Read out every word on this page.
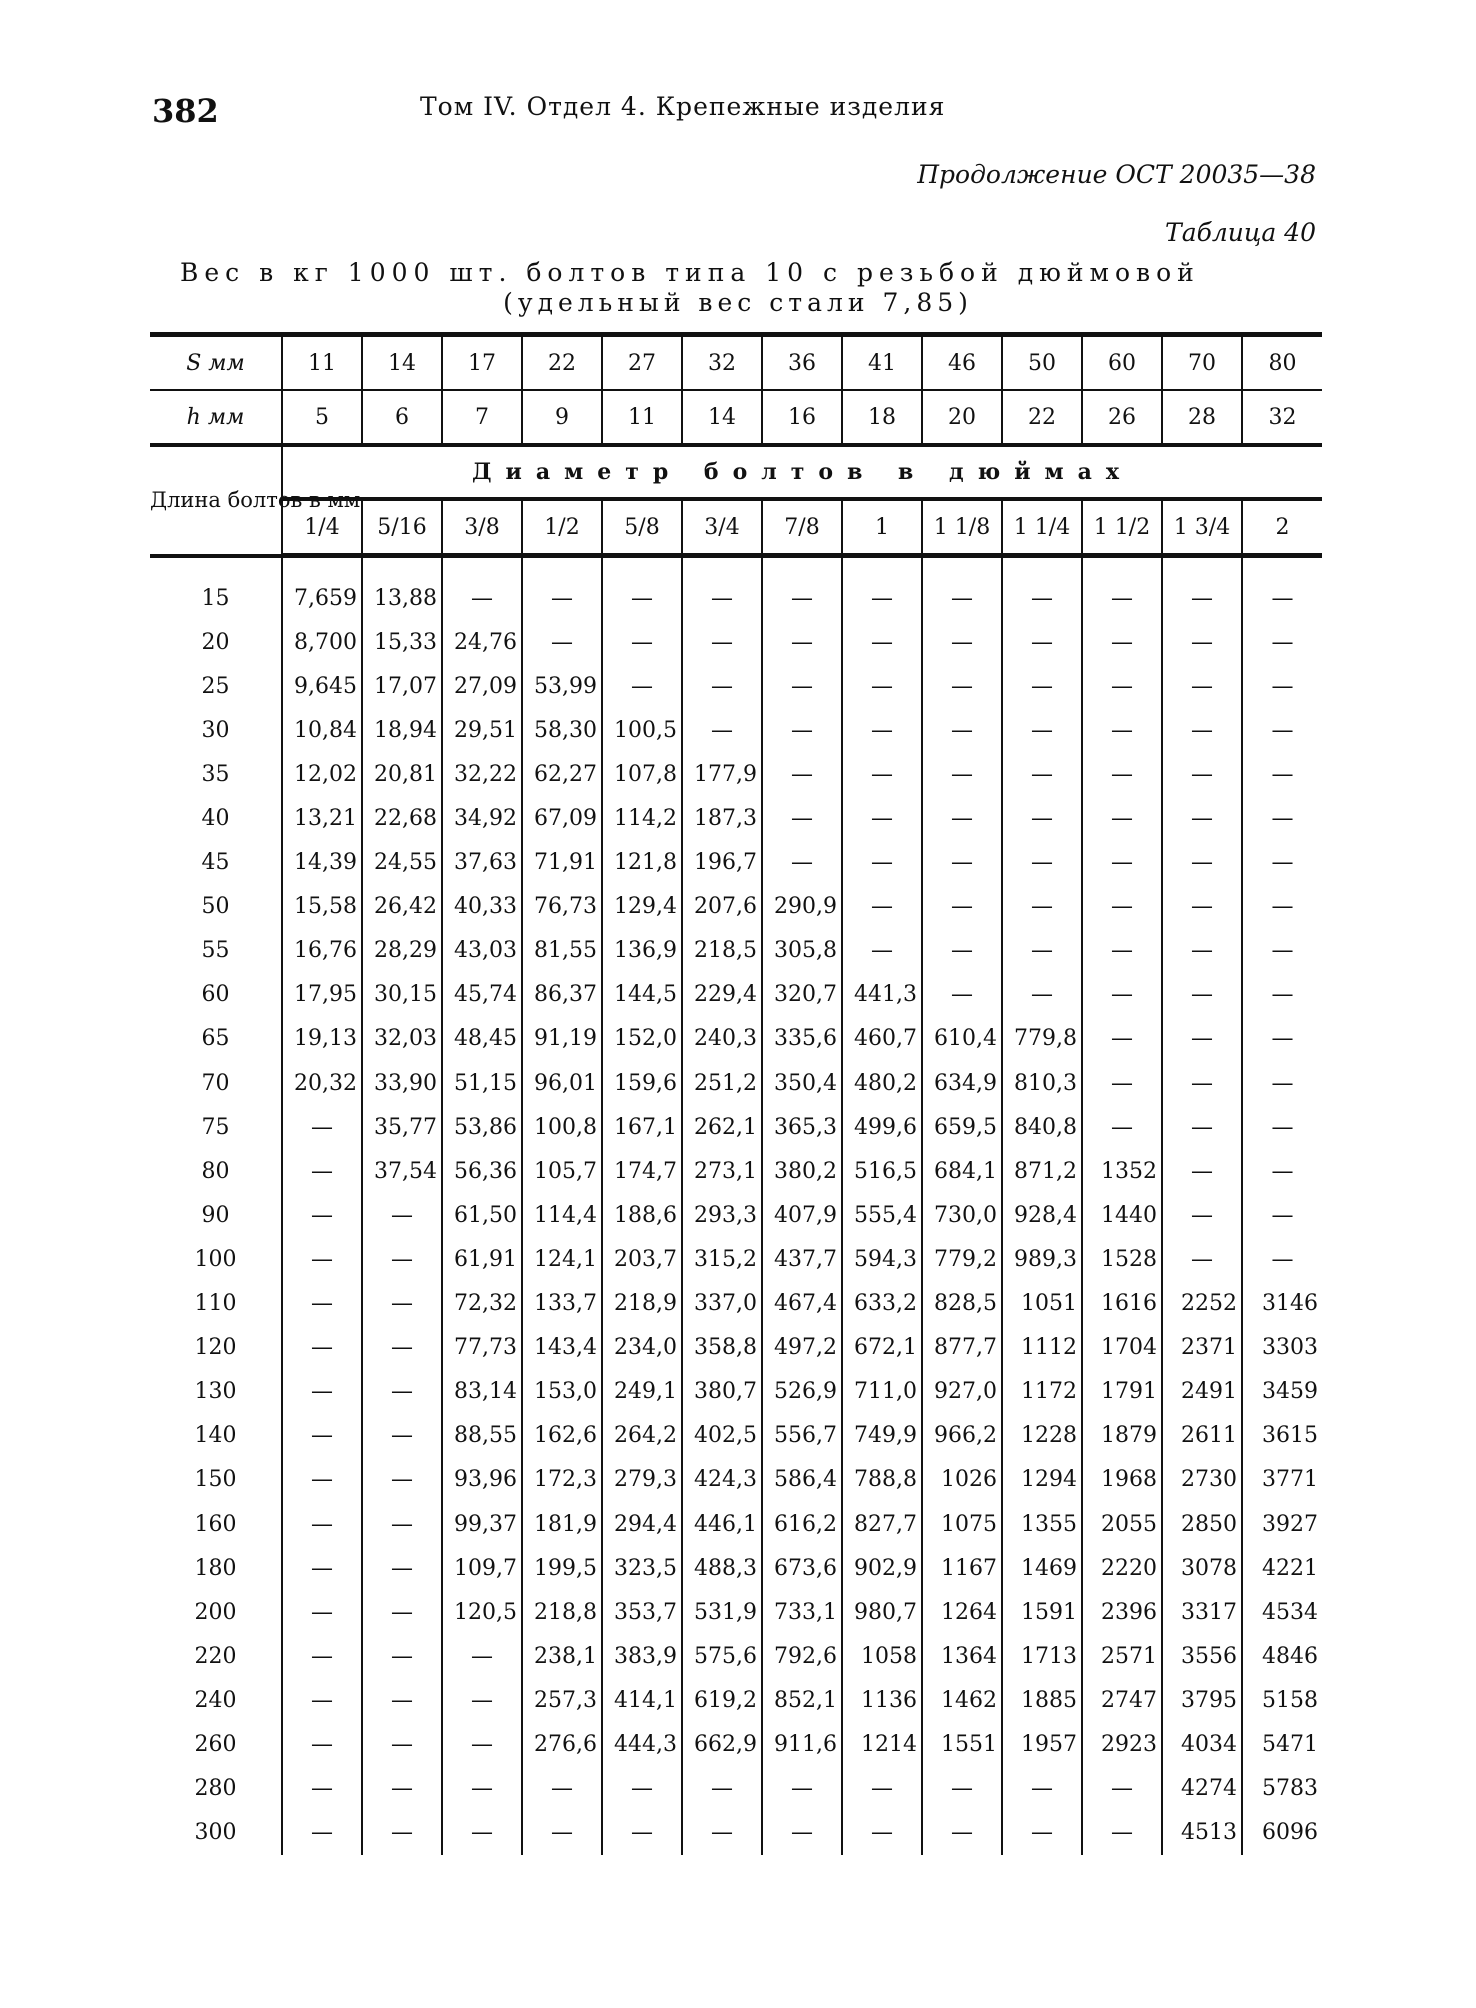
382	Том IV. Отдел 4. Крепежные изделия
Продолжение ОСТ 20035—38
Таблица 40
Вес в кг 1000 шт. болтов типа 10 с резьбой дюймовой
(удельный вес стали 7,85)
S мм	11	14	17	22	27	32	36	41	46	50	60	70	80
h мм	5	6	7	9	11	14	16	18	20	22	26	28	32
Длина болтов в мм	Диаметр болтов в дюймах												
	1/4	5/16	3/8	1/2	5/8	3/4	7/8	1	1 1/8	1 1/4	1 1/2	1 3/4	2

15	7,659	13,88	—	—	—	—	—	—	—	—	—	—	—
20	8,700	15,33	24,76	—	—	—	—	—	—	—	—	—	—
25	9,645	17,07	27,09	53,99	—	—	—	—	—	—	—	—	—
30	10,84	18,94	29,51	58,30	100,5	—	—	—	—	—	—	—	—
35	12,02	20,81	32,22	62,27	107,8	177,9	—	—	—	—	—	—	—
40	13,21	22,68	34,92	67,09	114,2	187,3	—	—	—	—	—	—	—
45	14,39	24,55	37,63	71,91	121,8	196,7	—	—	—	—	—	—	—
50	15,58	26,42	40,33	76,73	129,4	207,6	290,9	—	—	—	—	—	—
55	16,76	28,29	43,03	81,55	136,9	218,5	305,8	—	—	—	—	—	—
60	17,95	30,15	45,74	86,37	144,5	229,4	320,7	441,3	—	—	—	—	—
65	19,13	32,03	48,45	91,19	152,0	240,3	335,6	460,7	610,4	779,8	—	—	—
70	20,32	33,90	51,15	96,01	159,6	251,2	350,4	480,2	634,9	810,3	—	—	—
75	—	35,77	53,86	100,8	167,1	262,1	365,3	499,6	659,5	840,8	—	—	—
80	—	37,54	56,36	105,7	174,7	273,1	380,2	516,5	684,1	871,2	1352	—	—
90	—	—	61,50	114,4	188,6	293,3	407,9	555,4	730,0	928,4	1440	—	—
100	—	—	61,91	124,1	203,7	315,2	437,7	594,3	779,2	989,3	1528	—	—
110	—	—	72,32	133,7	218,9	337,0	467,4	633,2	828,5	1051	1616	2252	3146
120	—	—	77,73	143,4	234,0	358,8	497,2	672,1	877,7	1112	1704	2371	3303
130	—	—	83,14	153,0	249,1	380,7	526,9	711,0	927,0	1172	1791	2491	3459
140	—	—	88,55	162,6	264,2	402,5	556,7	749,9	966,2	1228	1879	2611	3615
150	—	—	93,96	172,3	279,3	424,3	586,4	788,8	1026	1294	1968	2730	3771
160	—	—	99,37	181,9	294,4	446,1	616,2	827,7	1075	1355	2055	2850	3927
180	—	—	109,7	199,5	323,5	488,3	673,6	902,9	1167	1469	2220	3078	4221
200	—	—	120,5	218,8	353,7	531,9	733,1	980,7	1264	1591	2396	3317	4534
220	—	—	—	238,1	383,9	575,6	792,6	1058	1364	1713	2571	3556	4846
240	—	—	—	257,3	414,1	619,2	852,1	1136	1462	1885	2747	3795	5158
260	—	—	—	276,6	444,3	662,9	911,6	1214	1551	1957	2923	4034	5471
280	—	—	—	—	—	—	—	—	—	—	—	4274	5783
300	—	—	—	—	—	—	—	—	—	—	—	4513	6096
